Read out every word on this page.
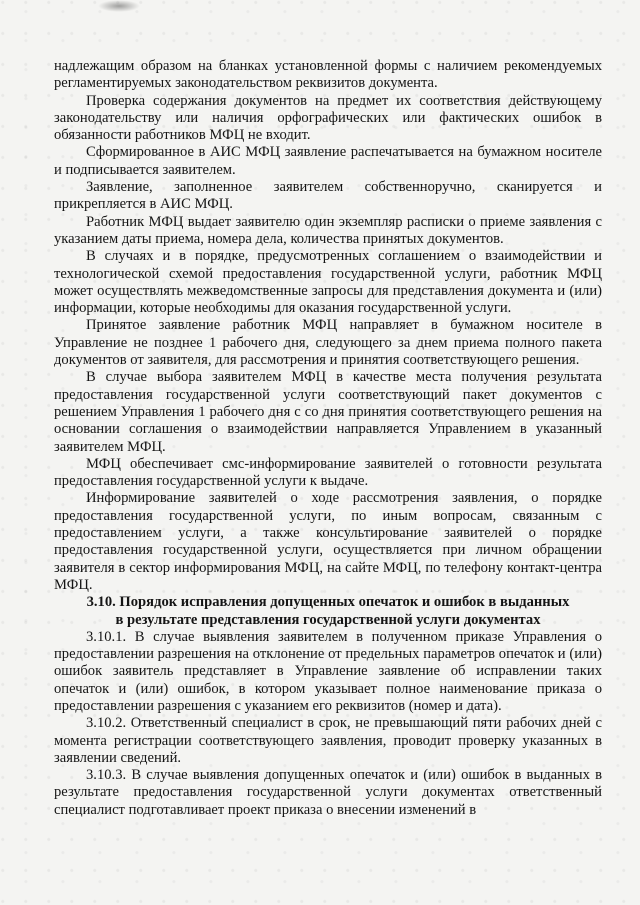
надлежащим образом на бланках установленной формы с наличием рекомендуемых регламентируемых законодательством реквизитов документа.

Проверка содержания документов на предмет их соответствия действующему законодательству или наличия орфографических или фактических ошибок в обязанности работников МФЦ не входит.

Сформированное в АИС МФЦ заявление распечатывается на бумажном носителе и подписывается заявителем.

Заявление, заполненное заявителем собственноручно, сканируется и прикрепляется в АИС МФЦ.

Работник МФЦ выдает заявителю один экземпляр расписки о приеме заявления с указанием даты приема, номера дела, количества принятых документов.

В случаях и в порядке, предусмотренных соглашением о взаимодействии и технологической схемой предоставления государственной услуги, работник МФЦ может осуществлять межведомственные запросы для представления документа и (или) информации, которые необходимы для оказания государственной услуги.

Принятое заявление работник МФЦ направляет в бумажном носителе в Управление не позднее 1 рабочего дня, следующего за днем приема полного пакета документов от заявителя, для рассмотрения и принятия соответствующего решения.

В случае выбора заявителем МФЦ в качестве места получения результата предоставления государственной услуги соответствующий пакет документов с решением Управления 1 рабочего дня с со дня принятия соответствующего решения на основании соглашения о взаимодействии направляется Управлением в указанный заявителем МФЦ.

МФЦ обеспечивает смс-информирование заявителей о готовности результата предоставления государственной услуги к выдаче.

Информирование заявителей о ходе рассмотрения заявления, о порядке предоставления государственной услуги, по иным вопросам, связанным с предоставлением услуги, а также консультирование заявителей о порядке предоставления государственной услуги, осуществляется при личном обращении заявителя в сектор информирования МФЦ, на сайте МФЦ, по телефону контакт-центра МФЦ.

3.10. Порядок исправления допущенных опечаток и ошибок в выданных
в результате представления государственной услуги документах

3.10.1. В случае выявления заявителем в полученном приказе Управления о предоставлении разрешения на отклонение от предельных параметров опечаток и (или) ошибок заявитель представляет в Управление заявление об исправлении таких опечаток и (или) ошибок, в котором указывает полное наименование приказа о предоставлении разрешения с указанием его реквизитов (номер и дата).

3.10.2. Ответственный специалист в срок, не превышающий пяти рабочих дней с момента регистрации соответствующего заявления, проводит проверку указанных в заявлении сведений.

3.10.3. В случае выявления допущенных опечаток и (или) ошибок в выданных в результате предоставления государственной услуги документах ответственный специалист подготавливает проект приказа о внесении изменений в
